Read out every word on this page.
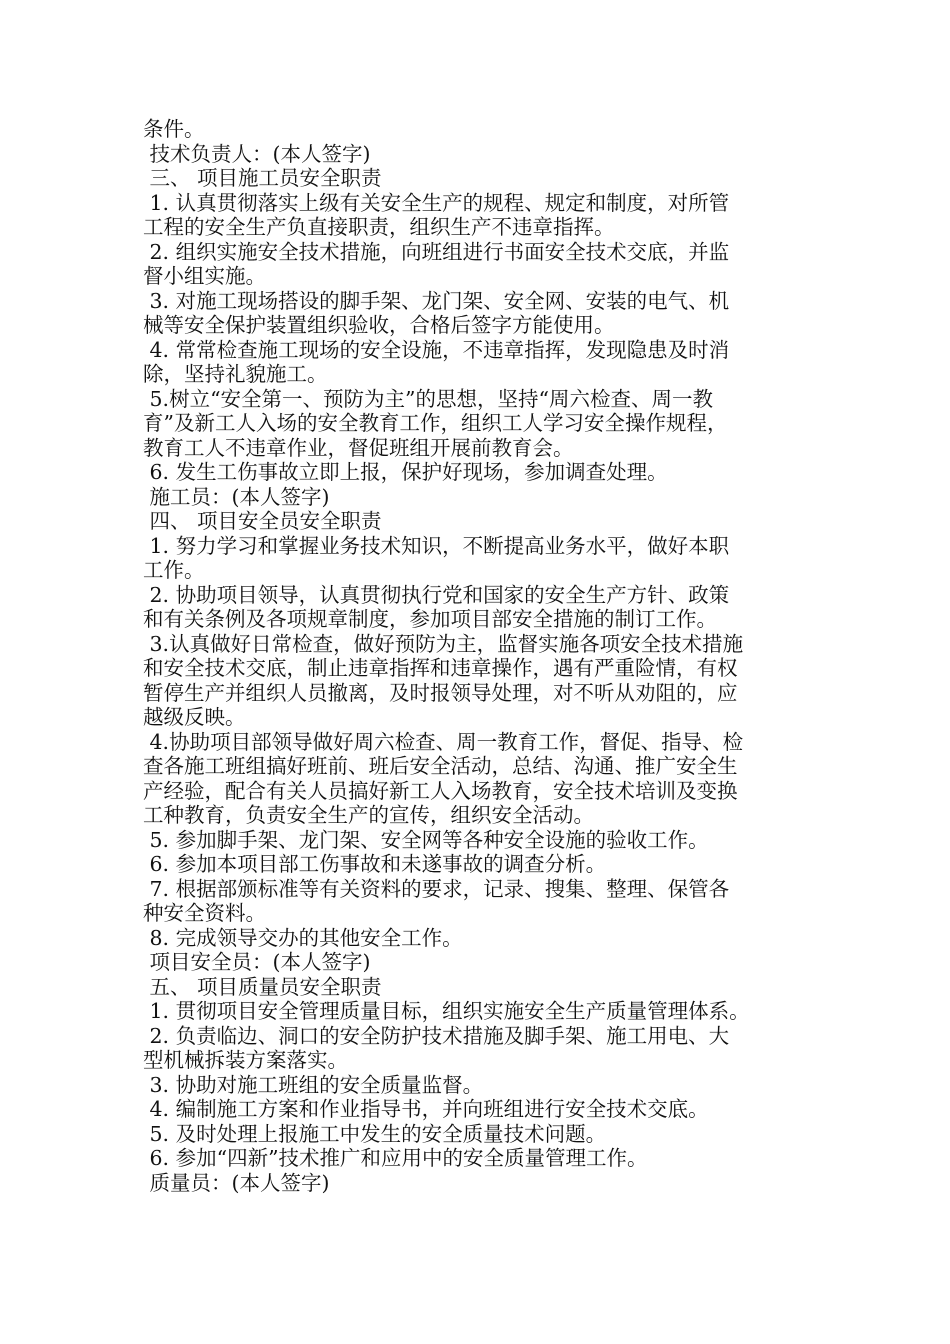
条件。
技术负责人：(本人签字)
三、 项目施工员安全职责
1. 认真贯彻落实上级有关安全生产的规程、规定和制度，对所管
工程的安全生产负直接职责，组织生产不违章指挥。
2. 组织实施安全技术措施，向班组进行书面安全技术交底，并监
督小组实施。
3. 对施工现场搭设的脚手架、龙门架、安全网、安装的电气、机
械等安全保护装置组织验收，合格后签字方能使用。
4. 常常检查施工现场的安全设施，不违章指挥，发现隐患及时消
除，坚持礼貌施工。
5.树立“安全第一、预防为主”的思想，坚持“周六检查、周一教
育”及新工人入场的安全教育工作，组织工人学习安全操作规程，
教育工人不违章作业，督促班组开展前教育会。
6. 发生工伤事故立即上报，保护好现场，参加调查处理。
施工员：(本人签字)
四、 项目安全员安全职责
1. 努力学习和掌握业务技术知识，不断提高业务水平，做好本职
工作。
2. 协助项目领导，认真贯彻执行党和国家的安全生产方针、政策
和有关条例及各项规章制度，参加项目部安全措施的制订工作。
3.认真做好日常检查，做好预防为主，监督实施各项安全技术措施
和安全技术交底，制止违章指挥和违章操作，遇有严重险情，有权
暂停生产并组织人员撤离，及时报领导处理，对不听从劝阻的，应
越级反映。
4.协助项目部领导做好周六检查、周一教育工作，督促、指导、检
查各施工班组搞好班前、班后安全活动，总结、沟通、推广安全生
产经验，配合有关人员搞好新工人入场教育，安全技术培训及变换
工种教育，负责安全生产的宣传，组织安全活动。
5. 参加脚手架、龙门架、安全网等各种安全设施的验收工作。
6. 参加本项目部工伤事故和未遂事故的调查分析。
7. 根据部颁标准等有关资料的要求，记录、搜集、整理、保管各
种安全资料。
8. 完成领导交办的其他安全工作。
项目安全员：(本人签字)
五、 项目质量员安全职责
1. 贯彻项目安全管理质量目标，组织实施安全生产质量管理体系。
2. 负责临边、洞口的安全防护技术措施及脚手架、施工用电、大
型机械拆装方案落实。
3. 协助对施工班组的安全质量监督。
4. 编制施工方案和作业指导书，并向班组进行安全技术交底。
5. 及时处理上报施工中发生的安全质量技术问题。
6. 参加“四新”技术推广和应用中的安全质量管理工作。
质量员：(本人签字)
